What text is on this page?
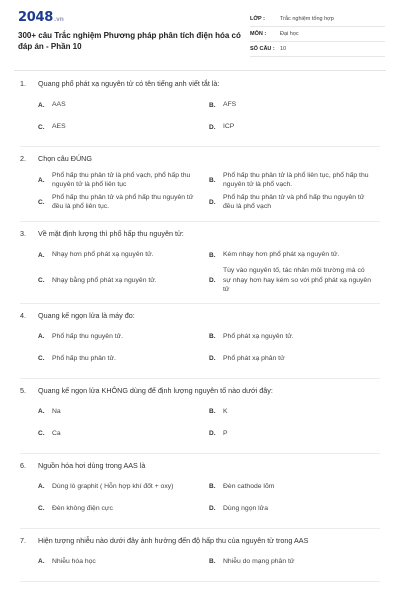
2048.vn
300+ câu Trắc nghiệm Phương pháp phân tích điện hóa có đáp án - Phần 10
LỚP :	Trắc nghiệm tổng hợp
MÔN :	Đại học
SỐ CÂU : 10
1.	Quang phổ phát xạ nguyên tử có tên tiếng anh viết tắt là:
A.	AAS	B.	AFS
C.	AES	D.	ICP
2.	Chọn câu ĐÚNG
A.
Phổ hấp thu phân tử là phổ vạch, phổ hấp thu nguyên tử là phổ liên tục
B.
Phổ hấp thu phân tử là phổ liên tục, phổ hấp thu nguyên tử là phổ vạch.
C.
Phổ hấp thu phân tử và phổ hấp thu nguyên tử đều là phổ liên tục.
D.
Phổ hấp thu phân tử và phổ hấp thu nguyên tử đều là phổ vạch
3.	Về mặt định lượng thì phổ hấp thu nguyên tử:
A.	Nhạy hơn phổ phát xạ nguyên tử.	B.	Kém nhạy hơn phổ phát xạ nguyên tử.
C.	Nhạy bằng phổ phát xạ nguyên tử.	D.
Tùy vào nguyên tố, tác nhân môi trường mà có sự nhạy hơn hay kém so với phổ phát xạ nguyên tử
4.	Quang kế ngọn lửa là máy đo:
A.	Phổ hấp thu nguyên tử.	B.	Phổ phát xạ nguyên tử.
C.	Phổ hấp thu phân tử.	D.	Phổ phát xạ phân tử
5.	Quang kế ngọn lửa KHÔNG dùng để định lượng nguyên tố nào dưới đây:
A.	Na	B.	K
C.	Ca	D.	P
6.	Nguồn hóa hơi dùng trong AAS là
A.	Dùng lò graphit ( Hỗn hợp khí đốt + oxy)	B.	Đèn cathode lõm
C.	Đèn không điện cực	D.	Dùng ngọn lửa
7.	Hiện tượng nhiễu nào dưới đây ảnh hưởng đến độ hấp thu của nguyên tử trong AAS
A.	Nhiễu hóa học	B.	Nhiễu do mạng phân tử
